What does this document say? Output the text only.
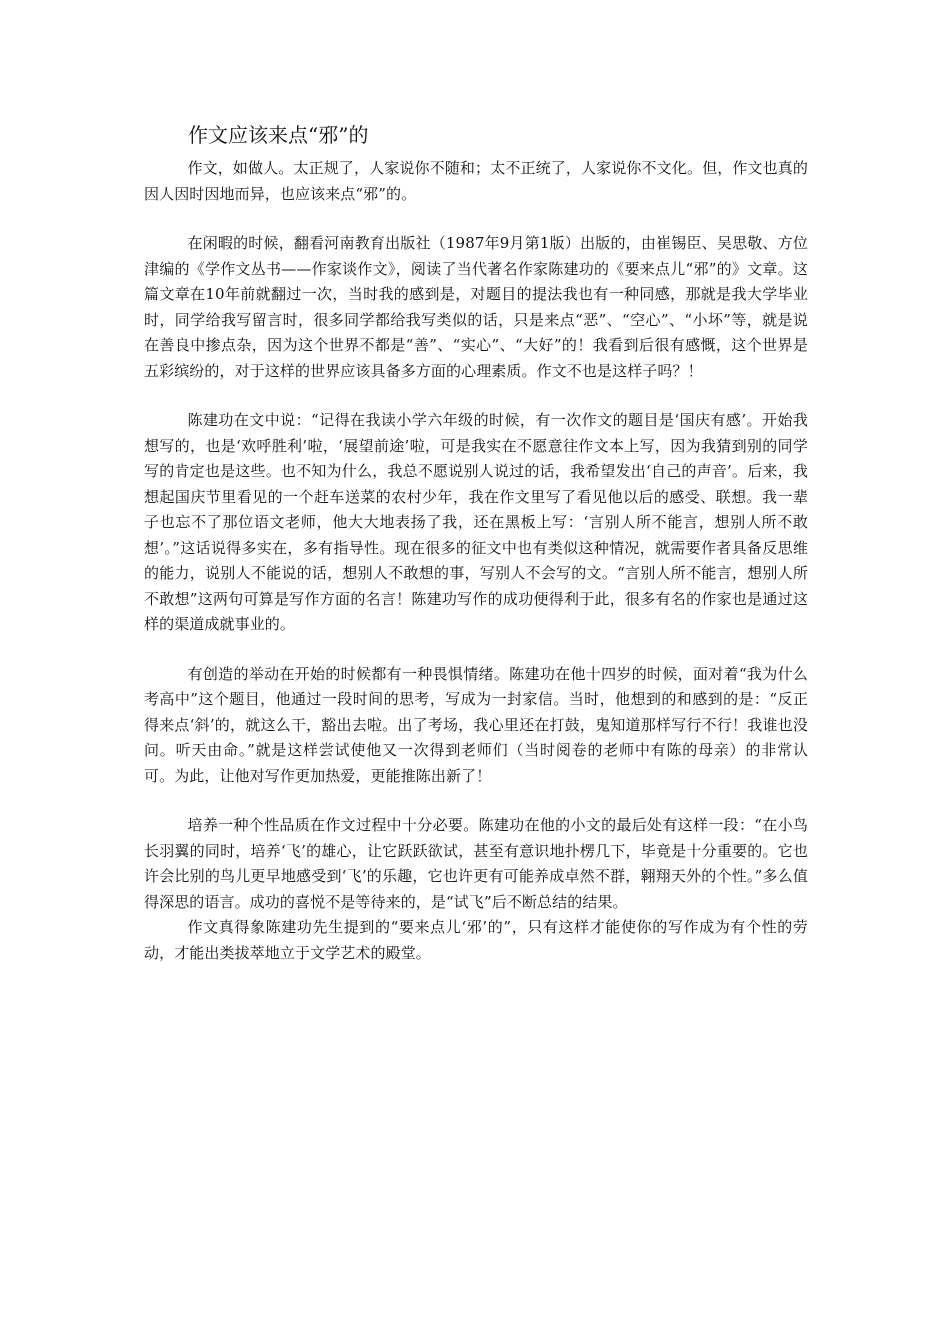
作文应该来点“邪”的

作文，如做人。太正规了，人家说你不随和；太不正统了，人家说你不文化。但，作文也真的因人因时因地而异，也应该来点“邪”的。

在闲暇的时候，翻看河南教育出版社（1987年9月第1版）出版的，由崔锡臣、吴思敬、方位津编的《学作文丛书——作家谈作文》，阅读了当代著名作家陈建功的《要来点儿“邪”的》文章。这篇文章在10年前就翻过一次，当时我的感到是，对题目的提法我也有一种同感，那就是我大学毕业时，同学给我写留言时，很多同学都给我写类似的话，只是来点“恶”、“空心”、“小坏”等，就是说在善良中掺点杂，因为这个世界不都是“善”、“实心”、“大好”的！我看到后很有感慨，这个世界是五彩缤纷的，对于这样的世界应该具备多方面的心理素质。作文不也是这样子吗？！

陈建功在文中说：“记得在我读小学六年级的时候，有一次作文的题目是‘国庆有感’。开始我想写的，也是‘欢呼胜利’啦，‘展望前途’啦，可是我实在不愿意往作文本上写，因为我猜到别的同学写的肯定也是这些。也不知为什么，我总不愿说别人说过的话，我希望发出‘自己的声音’。后来，我想起国庆节里看见的一个赶车送菜的农村少年，我在作文里写了看见他以后的感受、联想。我一辈子也忘不了那位语文老师，他大大地表扬了我，还在黑板上写：‘言别人所不能言，想别人所不敢想’。”这话说得多实在，多有指导性。现在很多的征文中也有类似这种情况，就需要作者具备反思维的能力，说别人不能说的话，想别人不敢想的事，写别人不会写的文。“言别人所不能言，想别人所不敢想”这两句可算是写作方面的名言！陈建功写作的成功便得利于此，很多有名的作家也是通过这样的渠道成就事业的。

有创造的举动在开始的时候都有一种畏惧情绪。陈建功在他十四岁的时候，面对着“我为什么考高中”这个题目，他通过一段时间的思考，写成为一封家信。当时，他想到的和感到的是：“反正得来点‘斜’的，就这么干，豁出去啦。出了考场，我心里还在打鼓，鬼知道那样写行不行！我谁也没问。听天由命。”就是这样尝试使他又一次得到老师们（当时阅卷的老师中有陈的母亲）的非常认可。为此，让他对写作更加热爱，更能推陈出新了！

培养一种个性品质在作文过程中十分必要。陈建功在他的小文的最后处有这样一段：“在小鸟长羽翼的同时，培养‘飞’的雄心，让它跃跃欲试，甚至有意识地扑楞几下，毕竟是十分重要的。它也许会比别的鸟儿更早地感受到‘飞’的乐趣，它也许更有可能养成卓然不群，翱翔天外的个性。”多么值得深思的语言。成功的喜悦不是等待来的，是“试飞”后不断总结的结果。

作文真得象陈建功先生提到的“要来点儿‘邪’的”，只有这样才能使你的写作成为有个性的劳动，才能出类拔萃地立于文学艺术的殿堂。
